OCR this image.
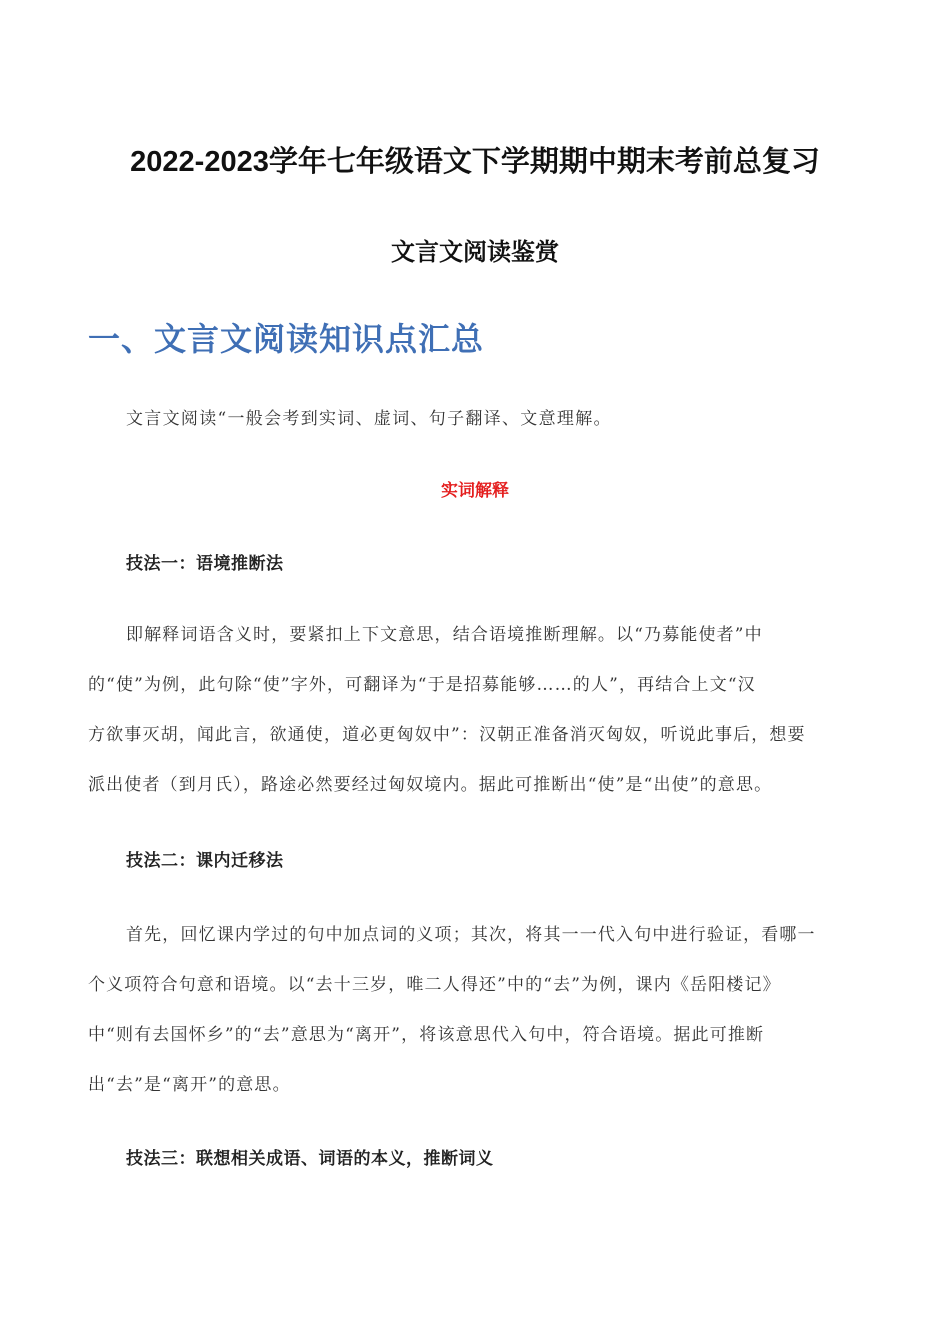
2022-2023学年七年级语文下学期期中期末考前总复习
文言文阅读鉴赏
一、文言文阅读知识点汇总

文言文阅读“一般会考到实词、虚词、句子翻译、文意理解。

实词解释
技法一：语境推断法

即解释词语含义时，要紧扣上下文意思，结合语境推断理解。以“乃募能使者”中
的“使”为例，此句除“使”字外，可翻译为“于是招募能够……的人”，再结合上文“汉
方欲事灭胡，闻此言，欲通使，道必更匈奴中”：汉朝正准备消灭匈奴，听说此事后，想要
派出使者（到月氏），路途必然要经过匈奴境内。据此可推断出“使”是“出使”的意思。

技法二：课内迁移法

首先，回忆课内学过的句中加点词的义项；其次，将其一一代入句中进行验证，看哪一
个义项符合句意和语境。以“去十三岁，唯二人得还”中的“去”为例，课内《岳阳楼记》
中“则有去国怀乡”的“去”意思为“离开”，将该意思代入句中，符合语境。据此可推断
出“去”是“离开”的意思。

技法三：联想相关成语、词语的本义，推断词义
